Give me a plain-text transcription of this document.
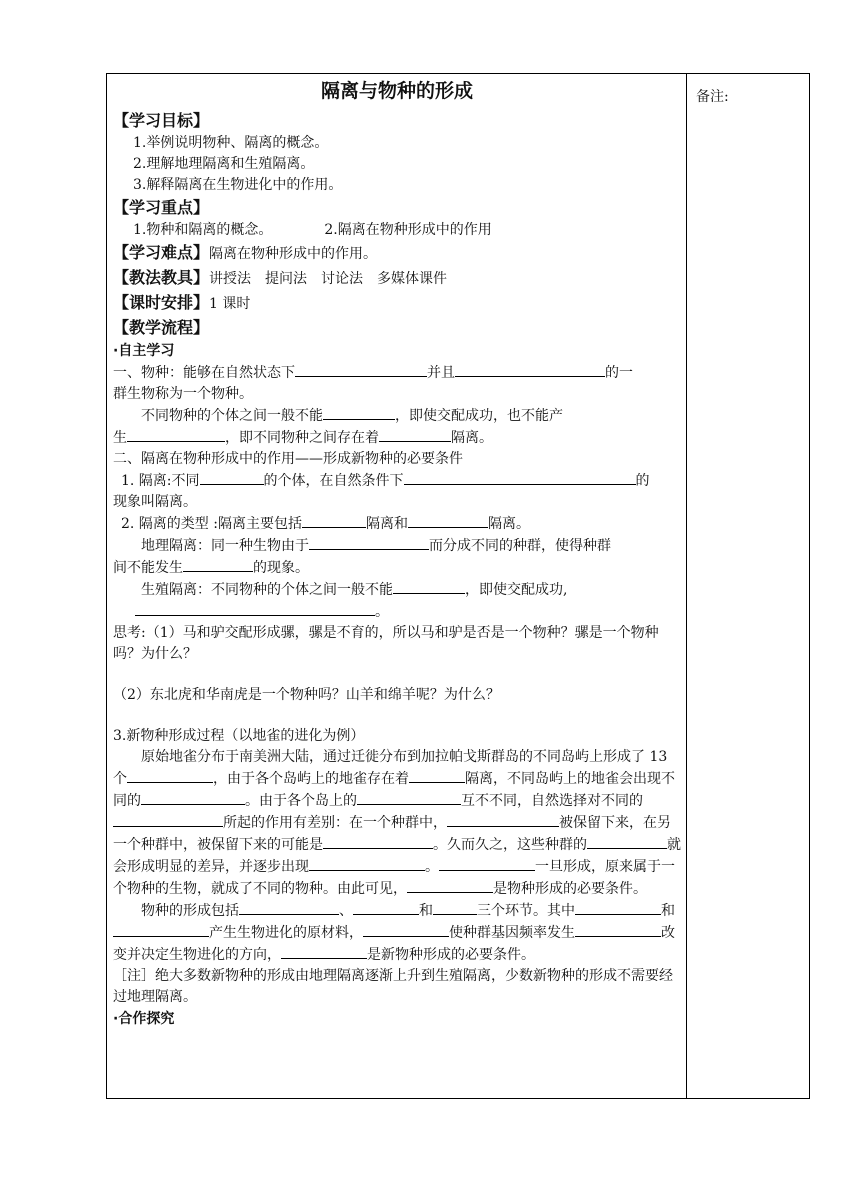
备注:
隔离与物种的形成
【学习目标】
1.举例说明物种、隔离的概念。
2.理解地理隔离和生殖隔离。
3.解释隔离在生物进化中的作用。
【学习重点】
1.物种和隔离的概念。	2.隔离在物种形成中的作用
【学习难点】隔离在物种形成中的作用。
【教法教具】讲授法　提问法　讨论法　多媒体课件
【课时安排】1 课时
【教学流程】
·自主学习
一、物种：能够在自然状态下	并且	的一
群生物称为一个物种。
不同物种的个体之间一般不能	，即使交配成功，也不能产
生	，即不同物种之间存在着	隔离。
二、隔离在物种形成中的作用——形成新物种的必要条件
1. 隔离:不同	的个体，在自然条件下	的
现象叫隔离。
2. 隔离的类型 :隔离主要包括	隔离和	隔离。
地理隔离：同一种生物由于	而分成不同的种群，使得种群
间不能发生	的现象。
生殖隔离：不同物种的个体之间一般不能	，即使交配成功,
。
思考:（1）马和驴交配形成骡，骡是不育的，所以马和驴是否是一个物种？骡是一个物种吗？为什么？
（2）东北虎和华南虎是一个物种吗？山羊和绵羊呢？为什么？
3.新物种形成过程（以地雀的进化为例）
原始地雀分布于南美洲大陆，通过迁徙分布到加拉帕戈斯群岛的不同岛屿上形成了 13 个	，由于各个岛屿上的地雀存在着	隔离，不同岛屿上的地雀会出现不同的	。由于各个岛上的	互不不同，自然选择对不同的所起的作用有差别：在一个种群中，	被保留下来，在另一个种群中，被保留下来的可能是	。久而久之，这些种群的	就会形成明显的差异，并逐步出现	。	一旦形成，原来属于一个物种的生物，就成了不同的物种。由此可见，	是物种形成的必要条件。
物种的形成包括	、	和	三个环节。其中	和产生生物进化的原材料，	使种群基因频率发生	改变并决定生物进化的方向，	是新物种形成的必要条件。
［注］绝大多数新物种的形成由地理隔离逐渐上升到生殖隔离，少数新物种的形成不需要经过地理隔离。
·合作探究
